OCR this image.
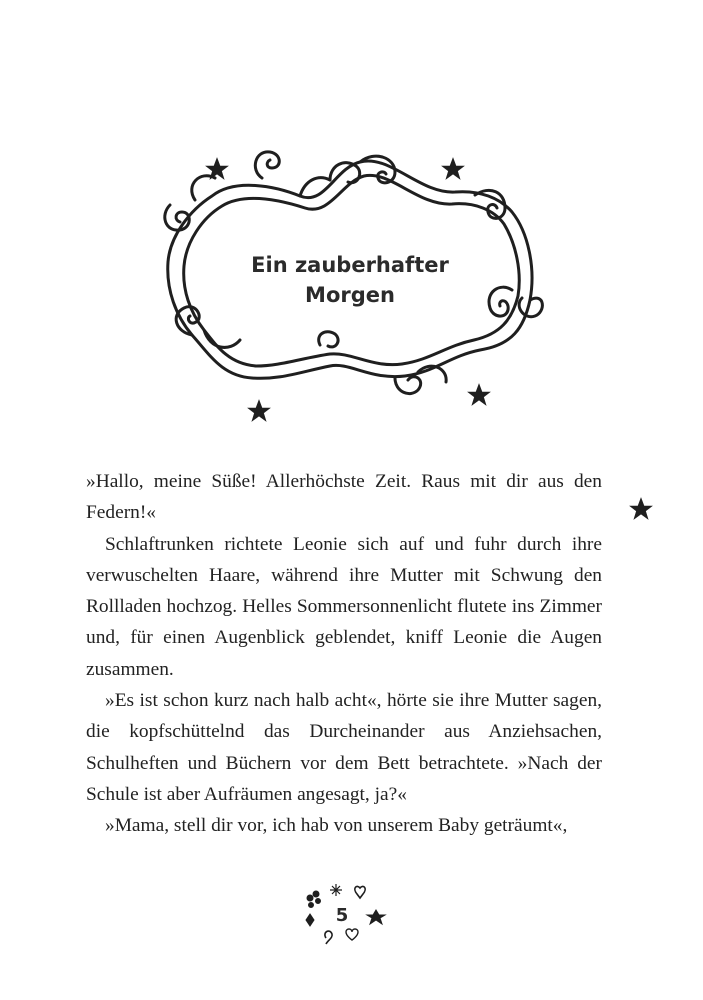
Ein zauberhafter
Morgen

»Hallo, meine Süße! Allerhöchste Zeit. Raus mit dir aus den Federn!«

Schlaftrunken richtete Leonie sich auf und fuhr durch ihre verwuschelten Haare, während ihre Mutter mit Schwung den Rollladen hochzog. Helles Sommersonnenlicht flutete ins Zimmer und, für einen Augenblick geblendet, kniff Leonie die Augen zusammen.

»Es ist schon kurz nach halb acht«, hörte sie ihre Mutter sagen, die kopfschüttelnd das Durcheinander aus Anziehsachen, Schulheften und Büchern vor dem Bett betrachtete. »Nach der Schule ist aber Aufräumen angesagt, ja?«

»Mama, stell dir vor, ich hab von unserem Baby geträumt«,

5
